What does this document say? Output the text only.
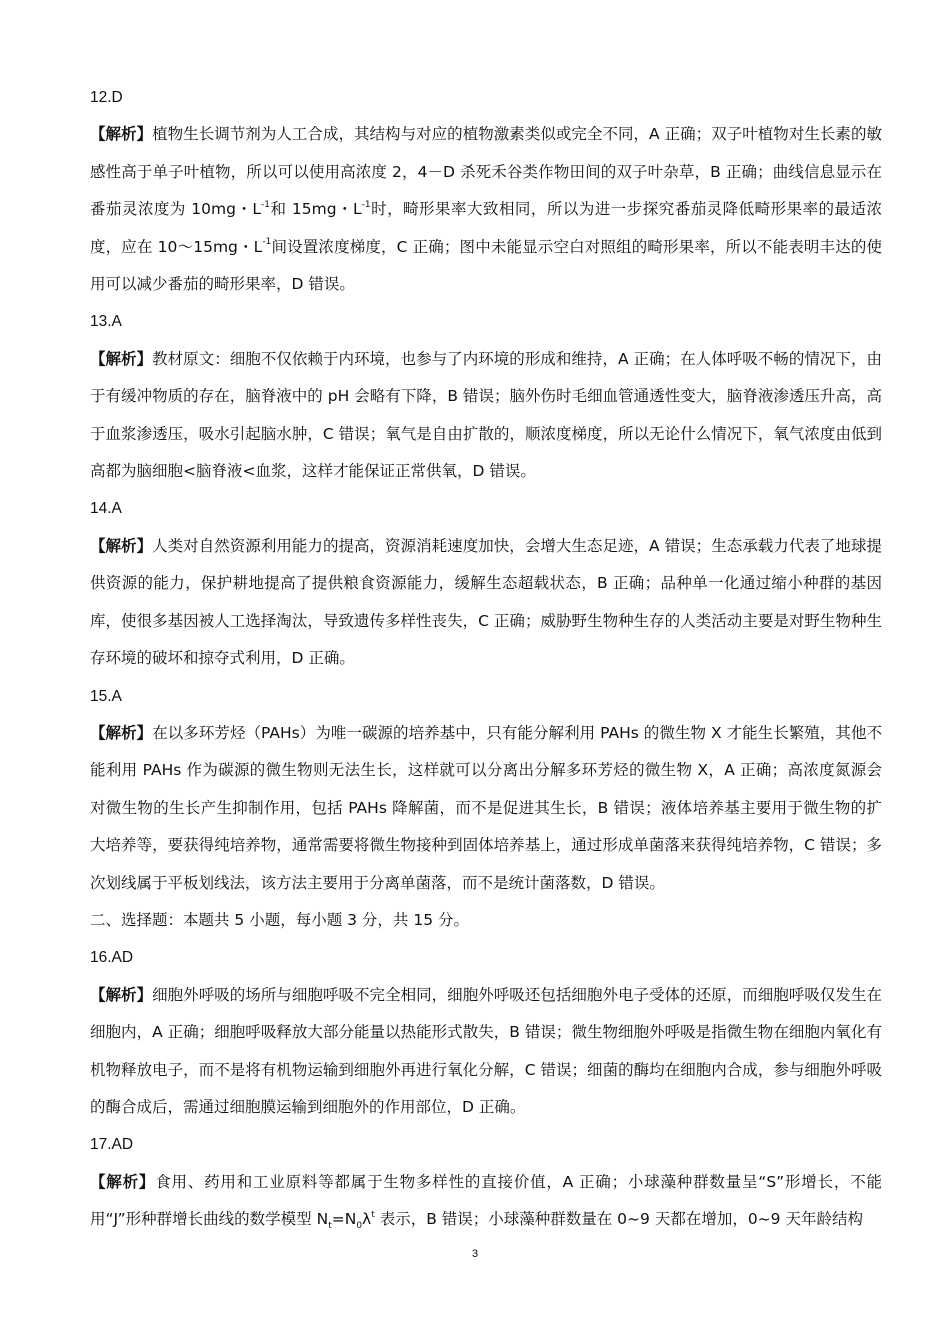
12.D

【解析】植物生长调节剂为人工合成，其结构与对应的植物激素类似或完全不同，A 正确；双子叶植物对生长素的敏感性高于单子叶植物，所以可以使用高浓度 2，4－D 杀死禾谷类作物田间的双子叶杂草，B 正确；曲线信息显示在番茄灵浓度为 10mg・$L^{-1}$和 15mg・$L^{-1}$时，畸形果率大致相同，所以为进一步探究番茄灵降低畸形果率的最适浓度，应在 10～15mg・$L^{-1}$间设置浓度梯度，C 正确；图中未能显示空白对照组的畸形果率，所以不能表明丰达的使用可以减少番茄的畸形果率，D 错误。

13.A

【解析】教材原文：细胞不仅依赖于内环境，也参与了内环境的形成和维持，A 正确；在人体呼吸不畅的情况下，由于有缓冲物质的存在，脑脊液中的 pH 会略有下降，B 错误；脑外伤时毛细血管通透性变大，脑脊液渗透压升高，高于血浆渗透压，吸水引起脑水肿，C 错误；氧气是自由扩散的，顺浓度梯度，所以无论什么情况下，氧气浓度由低到高都为脑细胞<脑脊液<血浆，这样才能保证正常供氧，D 错误。

14.A

【解析】人类对自然资源利用能力的提高，资源消耗速度加快，会增大生态足迹，A 错误；生态承载力代表了地球提供资源的能力，保护耕地提高了提供粮食资源能力，缓解生态超载状态，B 正确；品种单一化通过缩小种群的基因库，使很多基因被人工选择淘汰，导致遗传多样性丧失，C 正确；威胁野生物种生存的人类活动主要是对野生物种生存环境的破坏和掠夺式利用，D 正确。

15.A

【解析】在以多环芳烃（PAHs）为唯一碳源的培养基中，只有能分解利用 PAHs 的微生物 X 才能生长繁殖，其他不能利用 PAHs 作为碳源的微生物则无法生长，这样就可以分离出分解多环芳烃的微生物 X，A 正确；高浓度氮源会对微生物的生长产生抑制作用，包括 PAHs 降解菌，而不是促进其生长，B 错误；液体培养基主要用于微生物的扩大培养等，要获得纯培养物，通常需要将微生物接种到固体培养基上，通过形成单菌落来获得纯培养物，C 错误；多次划线属于平板划线法，该方法主要用于分离单菌落，而不是统计菌落数，D 错误。

二、选择题：本题共 5 小题，每小题 3 分，共 15 分。

16.AD

【解析】细胞外呼吸的场所与细胞呼吸不完全相同，细胞外呼吸还包括细胞外电子受体的还原，而细胞呼吸仅发生在细胞内，A 正确；细胞呼吸释放大部分能量以热能形式散失，B 错误；微生物细胞外呼吸是指微生物在细胞内氧化有机物释放电子，而不是将有机物运输到细胞外再进行氧化分解，C 错误；细菌的酶均在细胞内合成，参与细胞外呼吸的酶合成后，需通过细胞膜运输到细胞外的作用部位，D 正确。

17.AD

【解析】食用、药用和工业原料等都属于生物多样性的直接价值，A 正确；小球藻种群数量呈“S”形增长，不能用“J”形种群增长曲线的数学模型 $N_t=N_0\lambda^t$ 表示，B 错误；小球藻种群数量在 0~9 天都在增加，0~9 天年龄结构

3
